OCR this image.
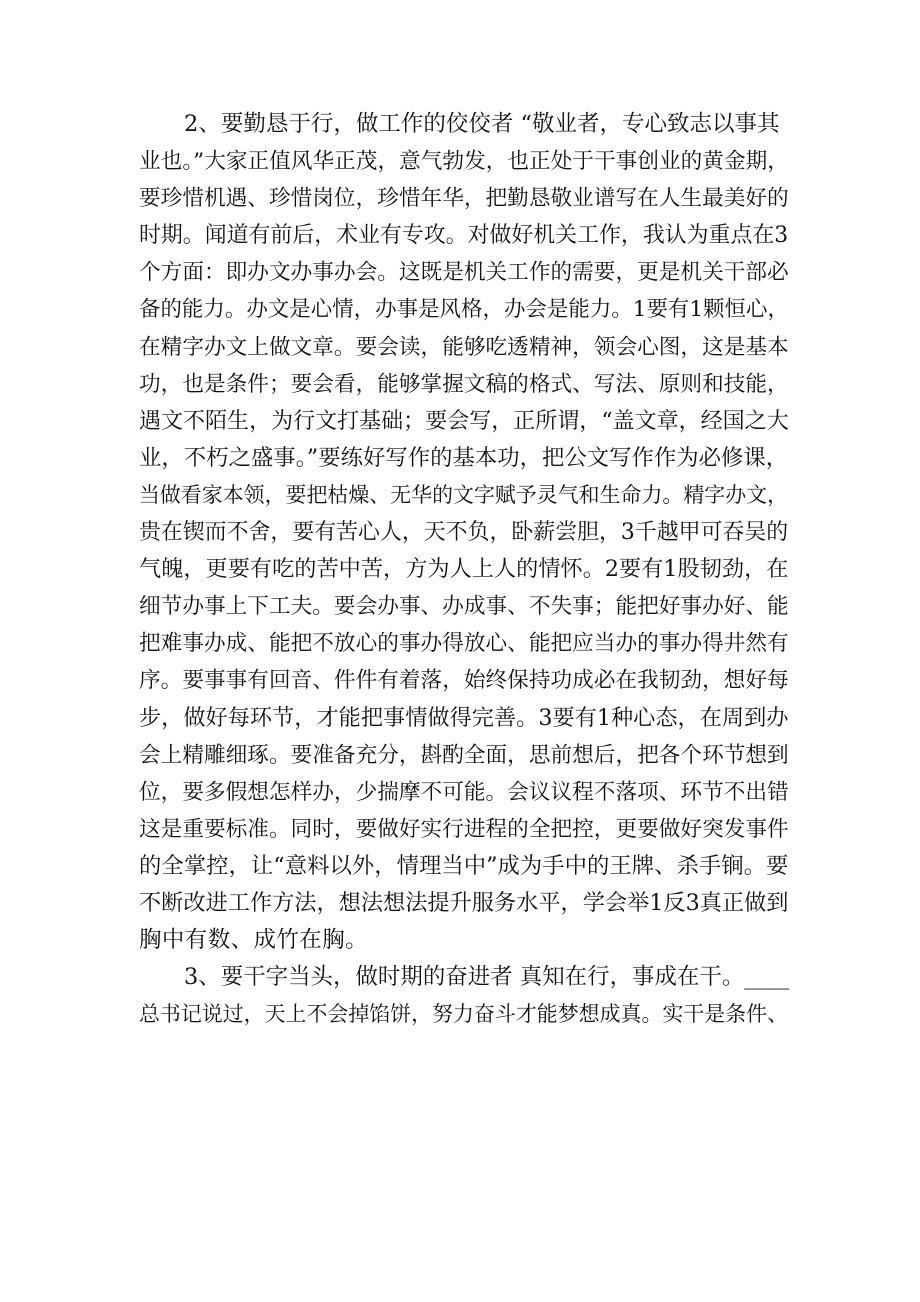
2、要勤恳于行，做工作的佼佼者 “敬业者，专心致志以事其
业也。”大家正值风华正茂，意气勃发，也正处于干事创业的黄金期，
要珍惜机遇、珍惜岗位，珍惜年华，把勤恳敬业谱写在人生最美好的
时期。闻道有前后，术业有专攻。对做好机关工作，我认为重点在3
个方面：即办文办事办会。这既是机关工作的需要，更是机关干部必
备的能力。办文是心情，办事是风格，办会是能力。1要有1颗恒心，
在精字办文上做文章。要会读，能够吃透精神，领会心图，这是基本
功，也是条件；要会看，能够掌握文稿的格式、写法、原则和技能，
遇文不陌生，为行文打基础；要会写，正所谓，“盖文章，经国之大
业，不朽之盛事。”要练好写作的基本功，把公文写作作为必修课，
当做看家本领，要把枯燥、无华的文字赋予灵气和生命力。精字办文，
贵在锲而不舍，要有苦心人，天不负，卧薪尝胆，3千越甲可吞吴的
气魄，更要有吃的苦中苦，方为人上人的情怀。2要有1股韧劲，在
细节办事上下工夫。要会办事、办成事、不失事；能把好事办好、能
把难事办成、能把不放心的事办得放心、能把应当办的事办得井然有
序。要事事有回音、件件有着落，始终保持功成必在我韧劲，想好每
步，做好每环节，才能把事情做得完善。3要有1种心态，在周到办
会上精雕细琢。要准备充分，斟酌全面，思前想后，把各个环节想到
位，要多假想怎样办，少揣摩不可能。会议议程不落项、环节不出错
这是重要标准。同时，要做好实行进程的全把控，更要做好突发事件
的全掌控，让“意料以外，情理当中”成为手中的王牌、杀手锏。要
不断改进工作方法，想法想法提升服务水平，学会举1反3真正做到
胸中有数、成竹在胸。
3、要干字当头，做时期的奋进者 真知在行，事成在干。____
总书记说过，天上不会掉馅饼，努力奋斗才能梦想成真。实干是条件、
